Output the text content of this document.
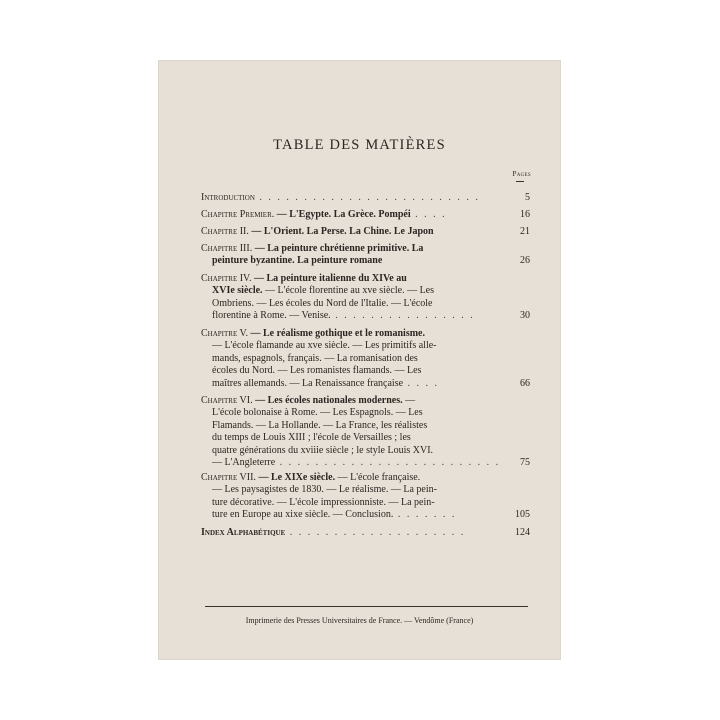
TABLE DES MATIÈRES
Pages
Introduction . . . . . . . . . . . . . . . . . . . . . . . . .	5
Chapitre Premier. — L'Egypte. La Grèce. Pompéi . . . .	16
Chapitre II. — L'Orient. La Perse. La Chine. Le Japon	21
Chapitre III. — La peinture chrétienne primitive. La
peinture byzantine. La peinture romane	26
Chapitre IV. — La peinture italienne du XIVe au
XVIe siècle. — L'école florentine au xve siècle. — Les
Ombriens. — Les écoles du Nord de l'Italie. — L'école
florentine à Rome. — Venise. . . . . . . . . . . . . . . . .	30
Chapitre V. — Le réalisme gothique et le romanisme.
— L'école flamande au xve siècle. — Les primitifs alle-
mands, espagnols, français. — La romanisation des
écoles du Nord. — Les romanistes flamands. — Les
maîtres allemands. — La Renaissance française . . . .	66
Chapitre VI. — Les écoles nationales modernes. —
L'école bolonaise à Rome. — Les Espagnols. — Les
Flamands. — La Hollande. — La France, les réalistes
du temps de Louis XIII ; l'école de Versailles ; les
quatre générations du xviiie siècle ; le style Louis XVI.
— L'Angleterre . . . . . . . . . . . . . . . . . . . . . . . . .	75
Chapitre VII. — Le XIXe siècle. — L'école française.
— Les paysagistes de 1830. — Le réalisme. — La pein-
ture décorative. — L'école impressionniste. — La pein-
ture en Europe au xixe siècle. — Conclusion. . . . . . . .	105
Index Alphabétique . . . . . . . . . . . . . . . . . . . .	124
Imprimerie des Presses Universitaires de France. — Vendôme (France)
